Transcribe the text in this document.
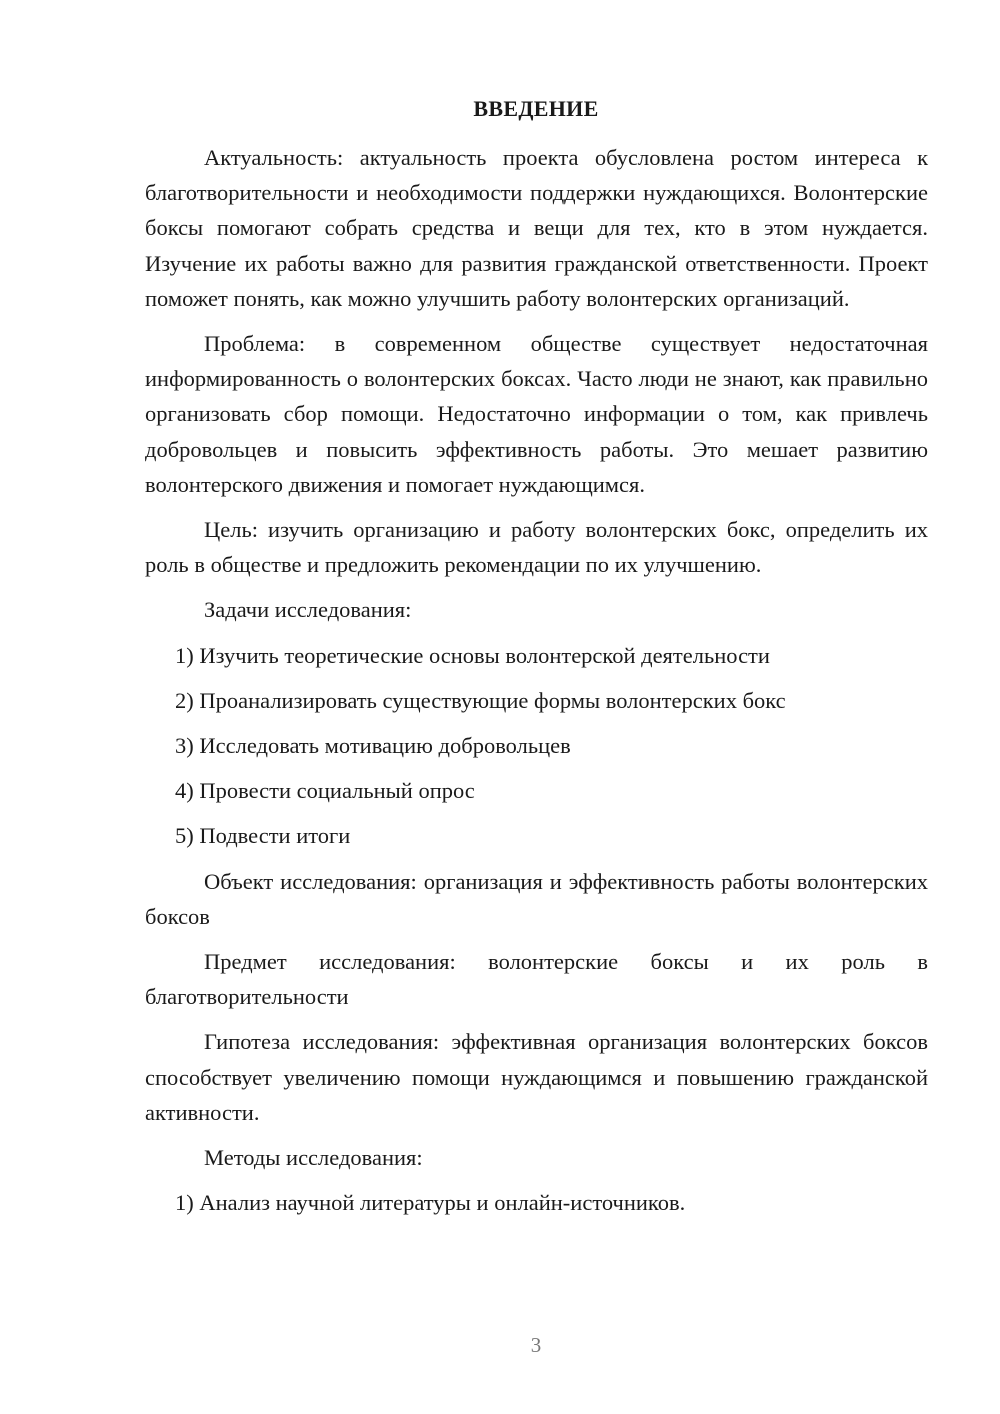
ВВЕДЕНИЕ

Актуальность: актуальность проекта обусловлена ростом интереса к благотворительности и необходимости поддержки нуждающихся. Волонтерские боксы помогают собрать средства и вещи для тех, кто в этом нуждается. Изучение их работы важно для развития гражданской ответственности. Проект поможет понять, как можно улучшить работу волонтерских организаций.

Проблема: в современном обществе существует недостаточная информированность о волонтерских боксах. Часто люди не знают, как правильно организовать сбор помощи. Недостаточно информации о том, как привлечь добровольцев и повысить эффективность работы. Это мешает развитию волонтерского движения и помогает нуждающимся.

Цель: изучить организацию и работу волонтерских бокс, определить их роль в обществе и предложить рекомендации по их улучшению.

Задачи исследования:

1) Изучить теоретические основы волонтерской деятельности

2) Проанализировать существующие формы волонтерских бокс

3) Исследовать мотивацию добровольцев

4) Провести социальный опрос

5) Подвести итоги

Объект исследования: организация и эффективность работы волонтерских боксов

Предмет исследования: волонтерские боксы и их роль в благотворительности

Гипотеза исследования: эффективная организация волонтерских боксов способствует увеличению помощи нуждающимся и повышению гражданской активности.

Методы исследования:

1) Анализ научной литературы и онлайн-источников.

3
